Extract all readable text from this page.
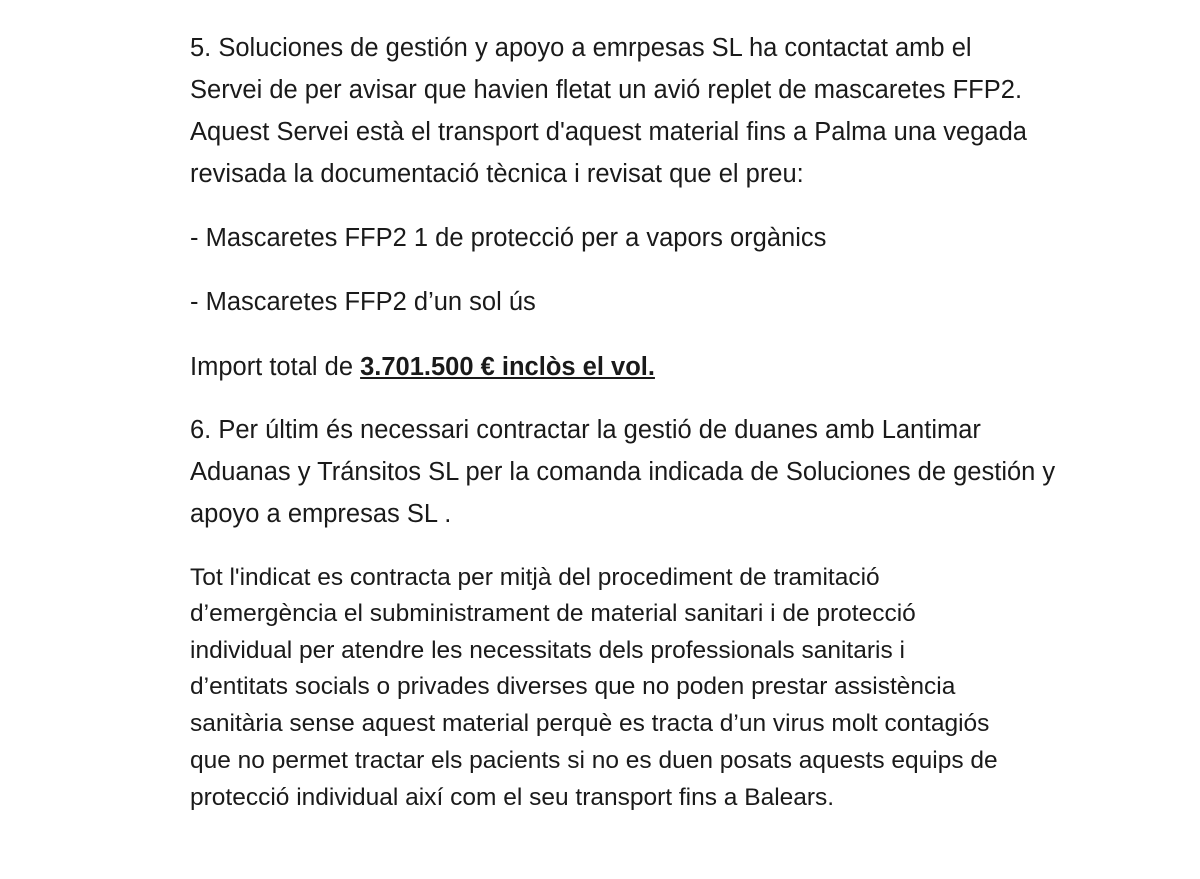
5. Soluciones de gestión y apoyo a emrpesas SL ha contactat amb el
Servei de per avisar que havien fletat un avió replet de mascaretes FFP2.
Aquest Servei està el transport d'aquest material fins a Palma una vegada
revisada la documentació tècnica i revisat que el preu:
- Mascaretes FFP2 1 de protecció per a vapors orgànics
- Mascaretes FFP2 d’un sol ús
Import total de 3.701.500 € inclòs el vol.
6. Per últim és necessari contractar la gestió de duanes amb Lantimar
Aduanas y Tránsitos SL per la comanda indicada de Soluciones de gestión y
apoyo a empresas SL .
Tot l'indicat es contracta per mitjà del procediment de tramitació
d’emergència el subministrament de material sanitari i de protecció
individual per atendre les necessitats dels professionals sanitaris i
d’entitats socials o privades diverses que no poden prestar assistència
sanitària sense aquest material perquè es tracta d’un virus molt contagiós
que no permet tractar els pacients si no es duen posats aquests equips de
protecció individual així com el seu transport fins a Balears.
